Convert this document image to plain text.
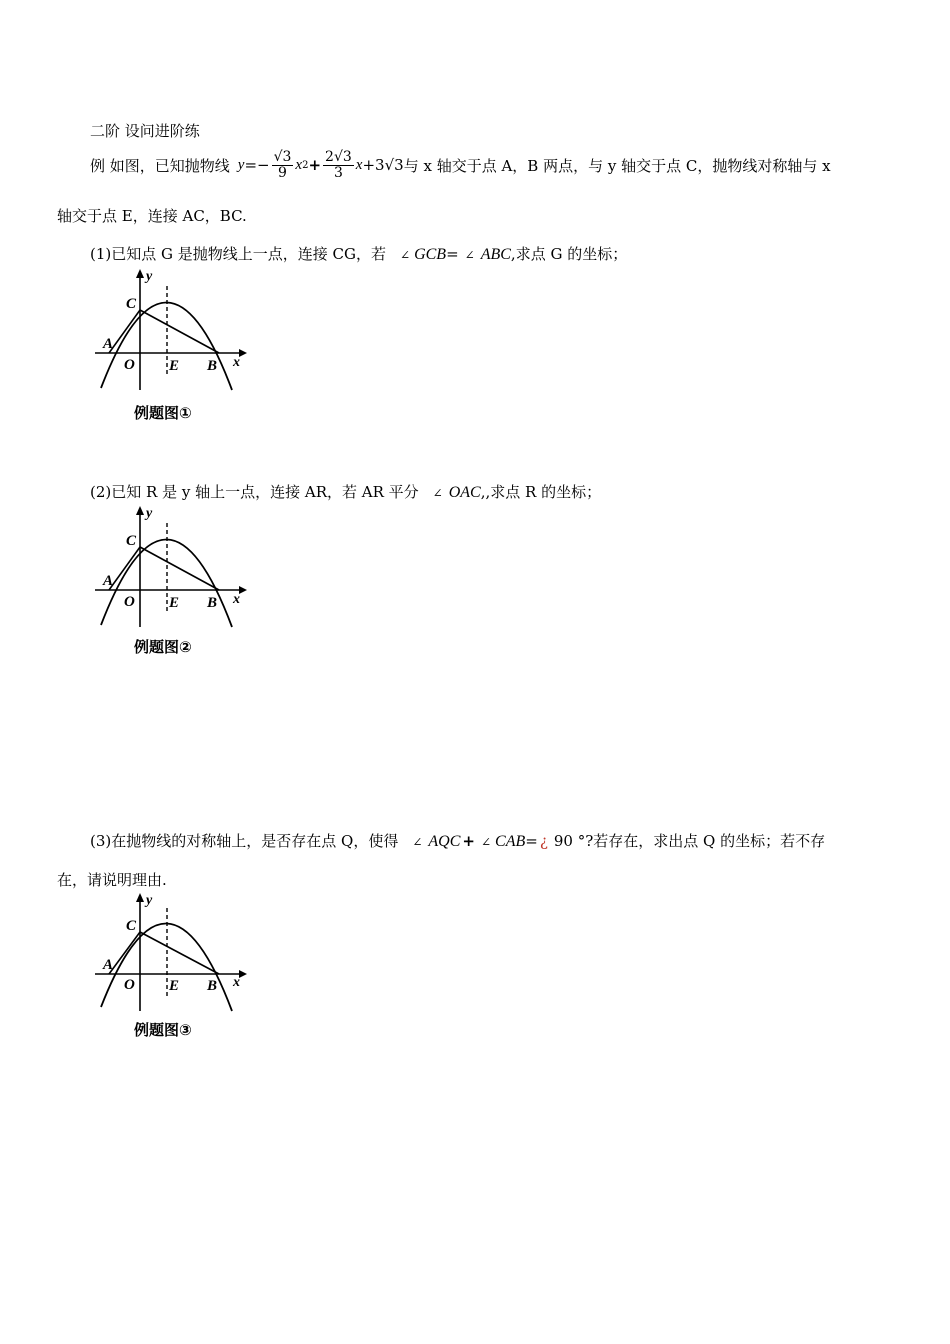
二阶 设问进阶练
例 如图，已知抛物线 $y =- \frac{√3}{9}$ x $2 + \frac{2√3}{3}$ x +3 √3 与 x 轴交于点 A，B 两点，与 y 轴交于点 C，抛物线对称轴与 x
轴交于点 E，连接 AC，BC.
(1)已知点 G 是抛物线上一点，连接 CG，若 ∠ GCB = ∠ ABC ,求点 G 的坐标；
C
A
O E B x
y
例题图①
(2)已知 R 是 y 轴上一点，连接 AR，若 AR 平分 ∠ OAC ,,求点 R 的坐标；
C
A
O E B x
y
例题图②
(3)在抛物线的对称轴上，是否存在点 Q，使得 ∠ AQC + ∠ CAB = ¿ 90 ° ?若存在，求出点 Q 的坐标；若不存
在，请说明理由.
C
A
O E B x
y
例题图③
